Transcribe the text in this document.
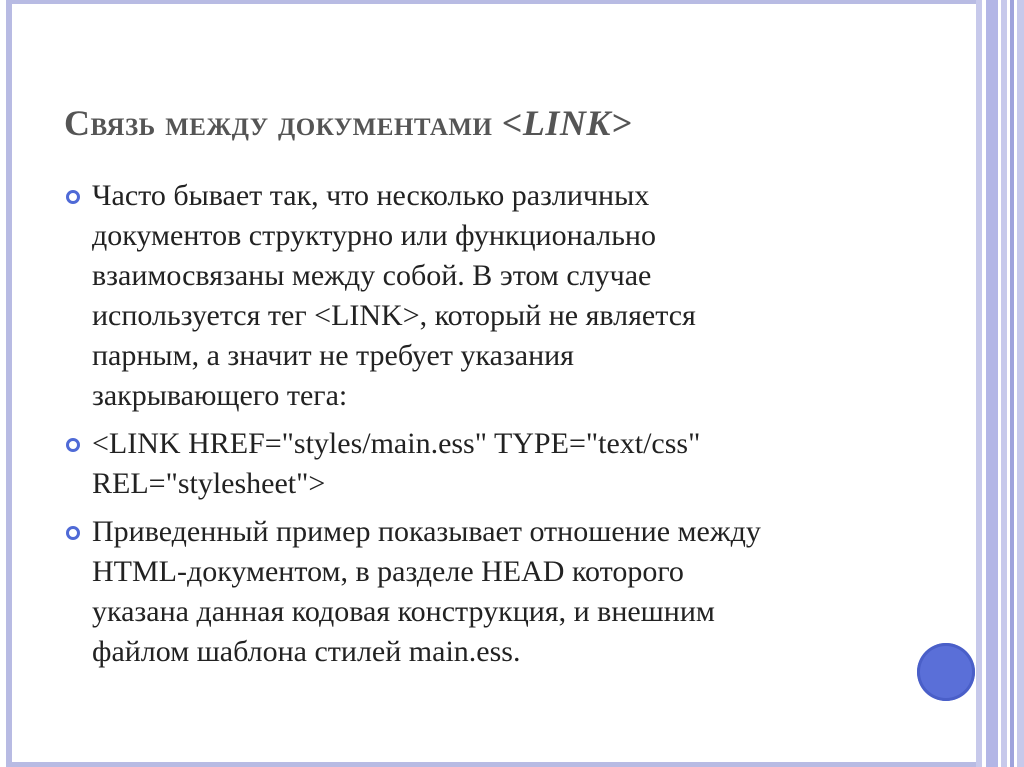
Связь между документами <LINK>
Часто бывает так, что несколько различных
документов структурно или функционально
взаимосвязаны между собой. В этом случае
используется тег <LINK>, который не является
парным, а значит не требует указания
закрывающего тега:
<LINK HREF="styles/main.ess" TYPE="text/css"
REL="stylesheet">
Приведенный пример показывает отношение между
HTML-документом, в разделе HEAD которого
указана данная кодовая конструкция, и внешним
файлом шаблона стилей main.ess.
